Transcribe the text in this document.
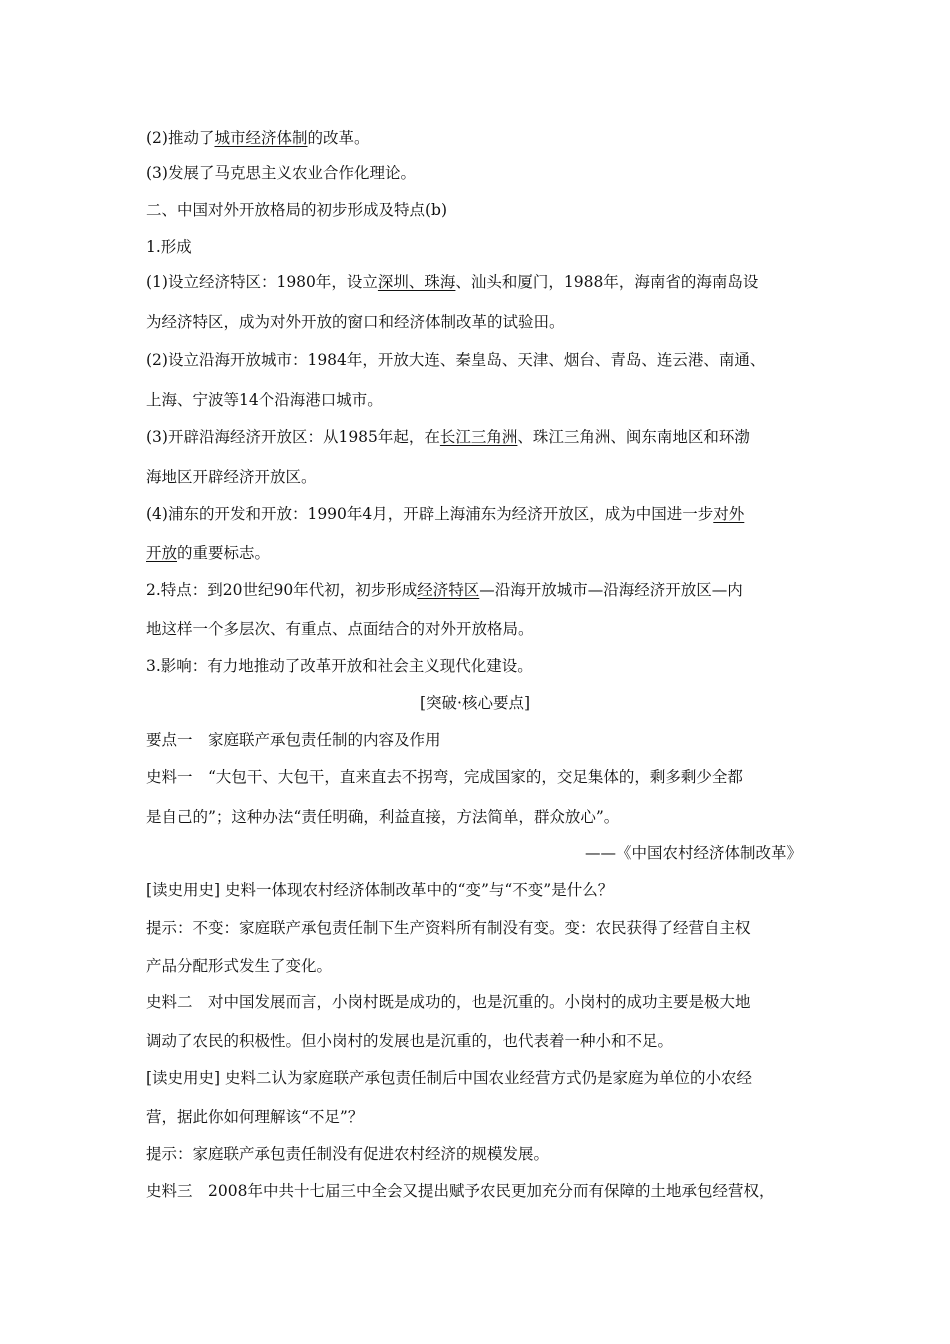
(2)推动了城市经济体制的改革。
(3)发展了马克思主义农业合作化理论。
二、中国对外开放格局的初步形成及特点(b)
1.形成
(1)设立经济特区：1980年，设立深圳、珠海、汕头和厦门，1988年，海南省的海南岛设
为经济特区，成为对外开放的窗口和经济体制改革的试验田。
(2)设立沿海开放城市：1984年，开放大连、秦皇岛、天津、烟台、青岛、连云港、南通、
上海、宁波等14个沿海港口城市。
(3)开辟沿海经济开放区：从1985年起，在长江三角洲、珠江三角洲、闽东南地区和环渤
海地区开辟经济开放区。
(4)浦东的开发和开放：1990年4月，开辟上海浦东为经济开放区，成为中国进一步对外
开放的重要标志。
2.特点：到20世纪90年代初，初步形成经济特区—沿海开放城市—沿海经济开放区—内
地这样一个多层次、有重点、点面结合的对外开放格局。
3.影响：有力地推动了改革开放和社会主义现代化建设。
[突破·核心要点]
要点一　家庭联产承包责任制的内容及作用
史料一　“大包干、大包干，直来直去不拐弯，完成国家的，交足集体的，剩多剩少全都
是自己的”；这种办法“责任明确，利益直接，方法简单，群众放心”。
——《中国农村经济体制改革》
[读史用史] 史料一体现农村经济体制改革中的“变”与“不变”是什么？
提示：不变：家庭联产承包责任制下生产资料所有制没有变。变：农民获得了经营自主权
产品分配形式发生了变化。
史料二　对中国发展而言，小岗村既是成功的，也是沉重的。小岗村的成功主要是极大地
调动了农民的积极性。但小岗村的发展也是沉重的，也代表着一种小和不足。
[读史用史] 史料二认为家庭联产承包责任制后中国农业经营方式仍是家庭为单位的小农经
营，据此你如何理解该“不足”？
提示：家庭联产承包责任制没有促进农村经济的规模发展。
史料三　2008年中共十七届三中全会又提出赋予农民更加充分而有保障的土地承包经营权，
